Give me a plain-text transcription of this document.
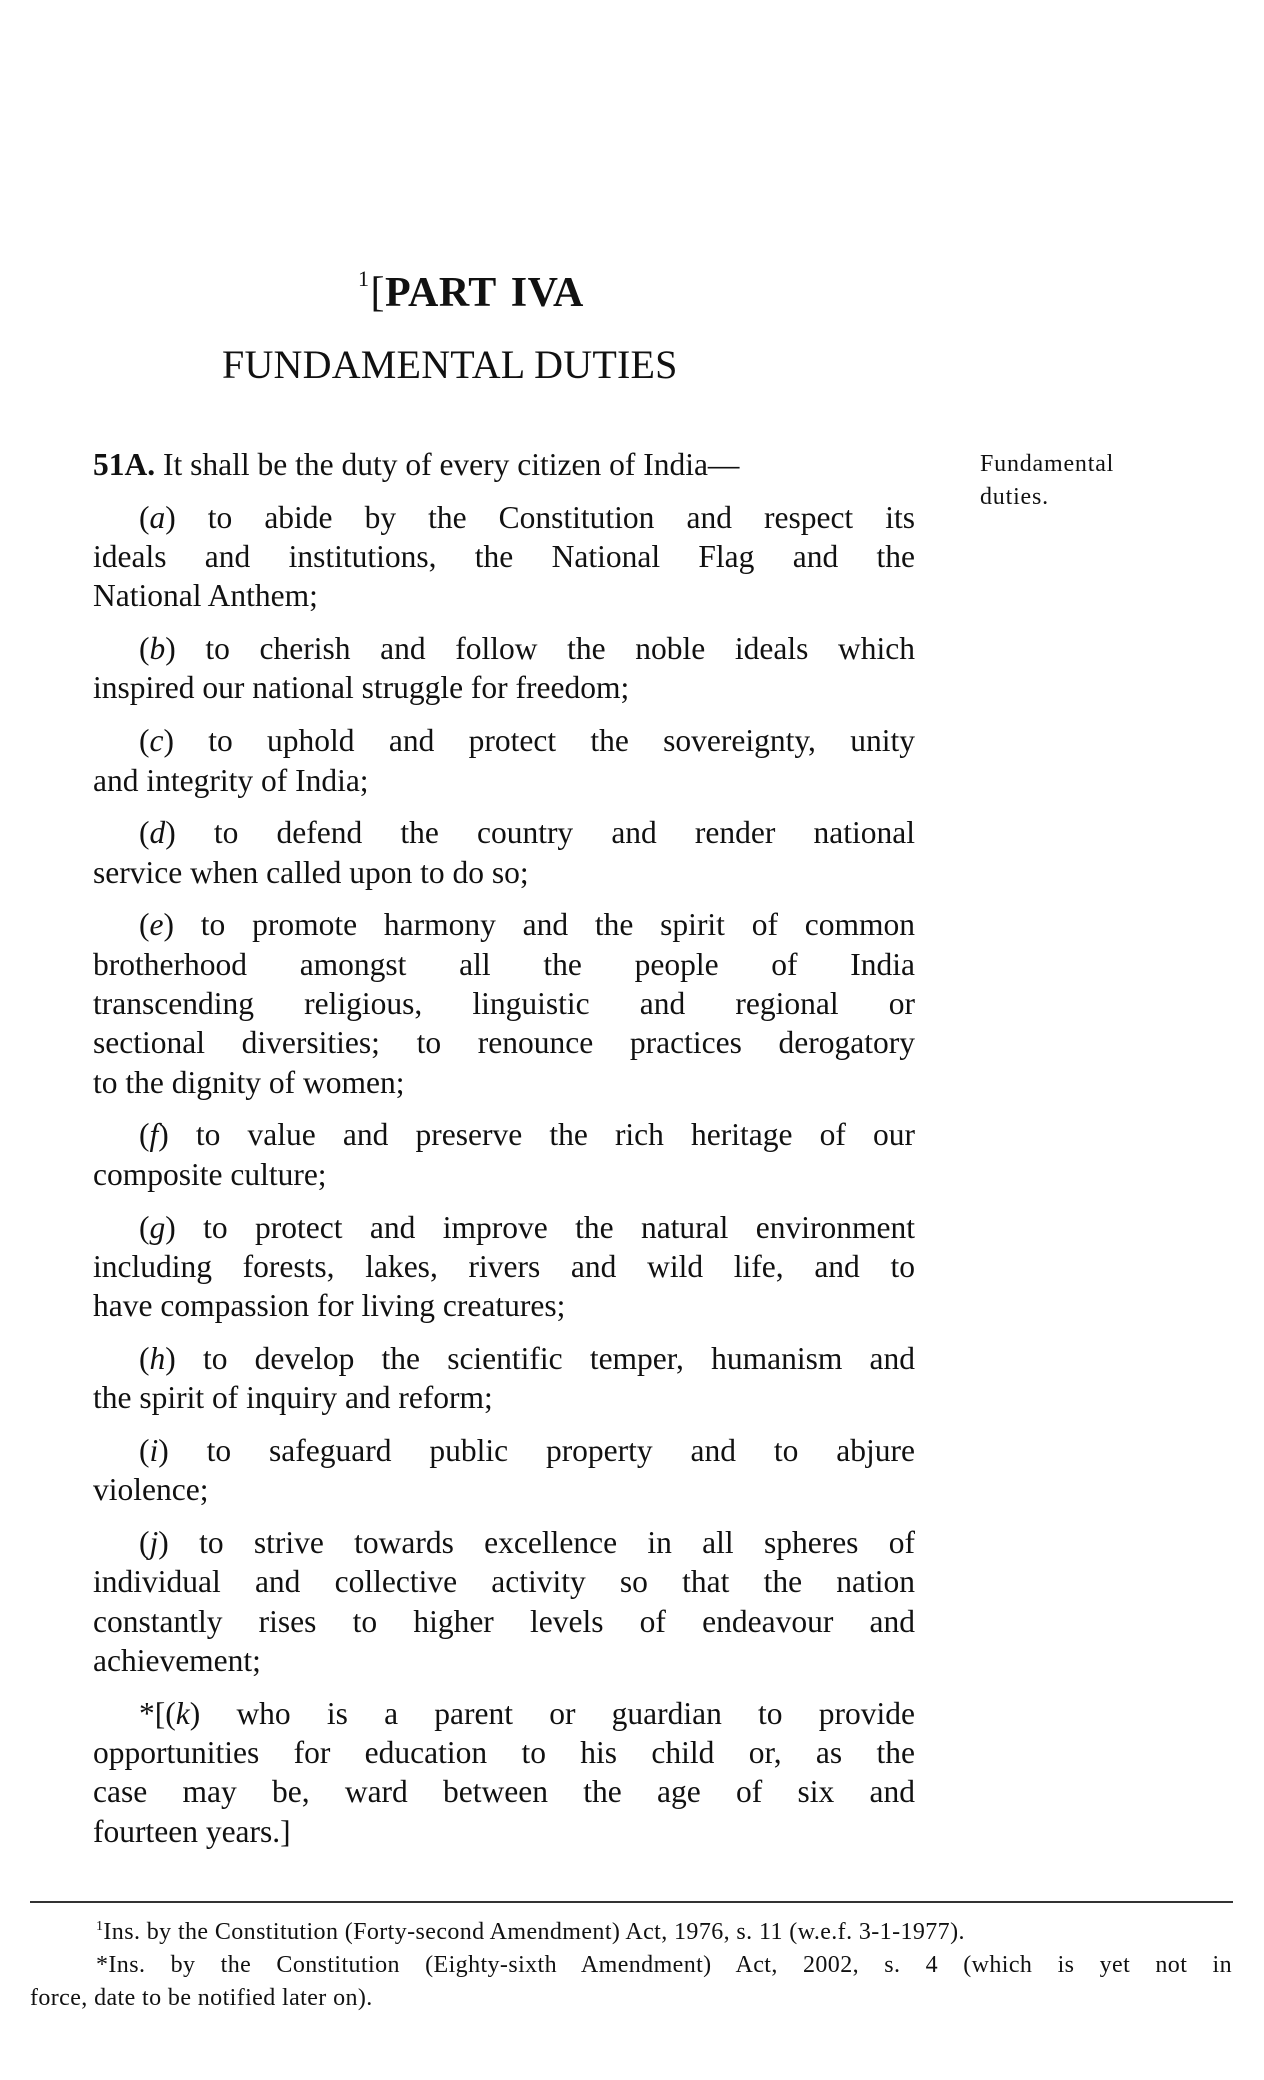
$^1$[PART IVA
FUNDAMENTAL DUTIES
Fundamental
duties.
51A. It shall be the duty of every citizen of India—
(a) to abide by the Constitution and respect its
ideals and institutions, the National Flag and the
National Anthem;
(b) to cherish and follow the noble ideals which
inspired our national struggle for freedom;
(c) to uphold and protect the sovereignty, unity
and integrity of India;
(d) to defend the country and render national
service when called upon to do so;
(e) to promote harmony and the spirit of common
brotherhood amongst all the people of India
transcending religious, linguistic and regional or
sectional diversities; to renounce practices derogatory
to the dignity of women;
(f) to value and preserve the rich heritage of our
composite culture;
(g) to protect and improve the natural environment
including forests, lakes, rivers and wild life, and to
have compassion for living creatures;
(h) to develop the scientific temper, humanism and
the spirit of inquiry and reform;
(i) to safeguard public property and to abjure
violence;
(j) to strive towards excellence in all spheres of
individual and collective activity so that the nation
constantly rises to higher levels of endeavour and
achievement;
*[(k) who is a parent or guardian to provide
opportunities for education to his child or, as the
case may be, ward between the age of six and
fourteen years.]
$^1$Ins. by the Constitution (Forty-second Amendment) Act, 1976, s. 11 (w.e.f. 3-1-1977).
*Ins. by the Constitution (Eighty-sixth Amendment) Act, 2002, s. 4 (which is yet not in
force, date to be notified later on).
